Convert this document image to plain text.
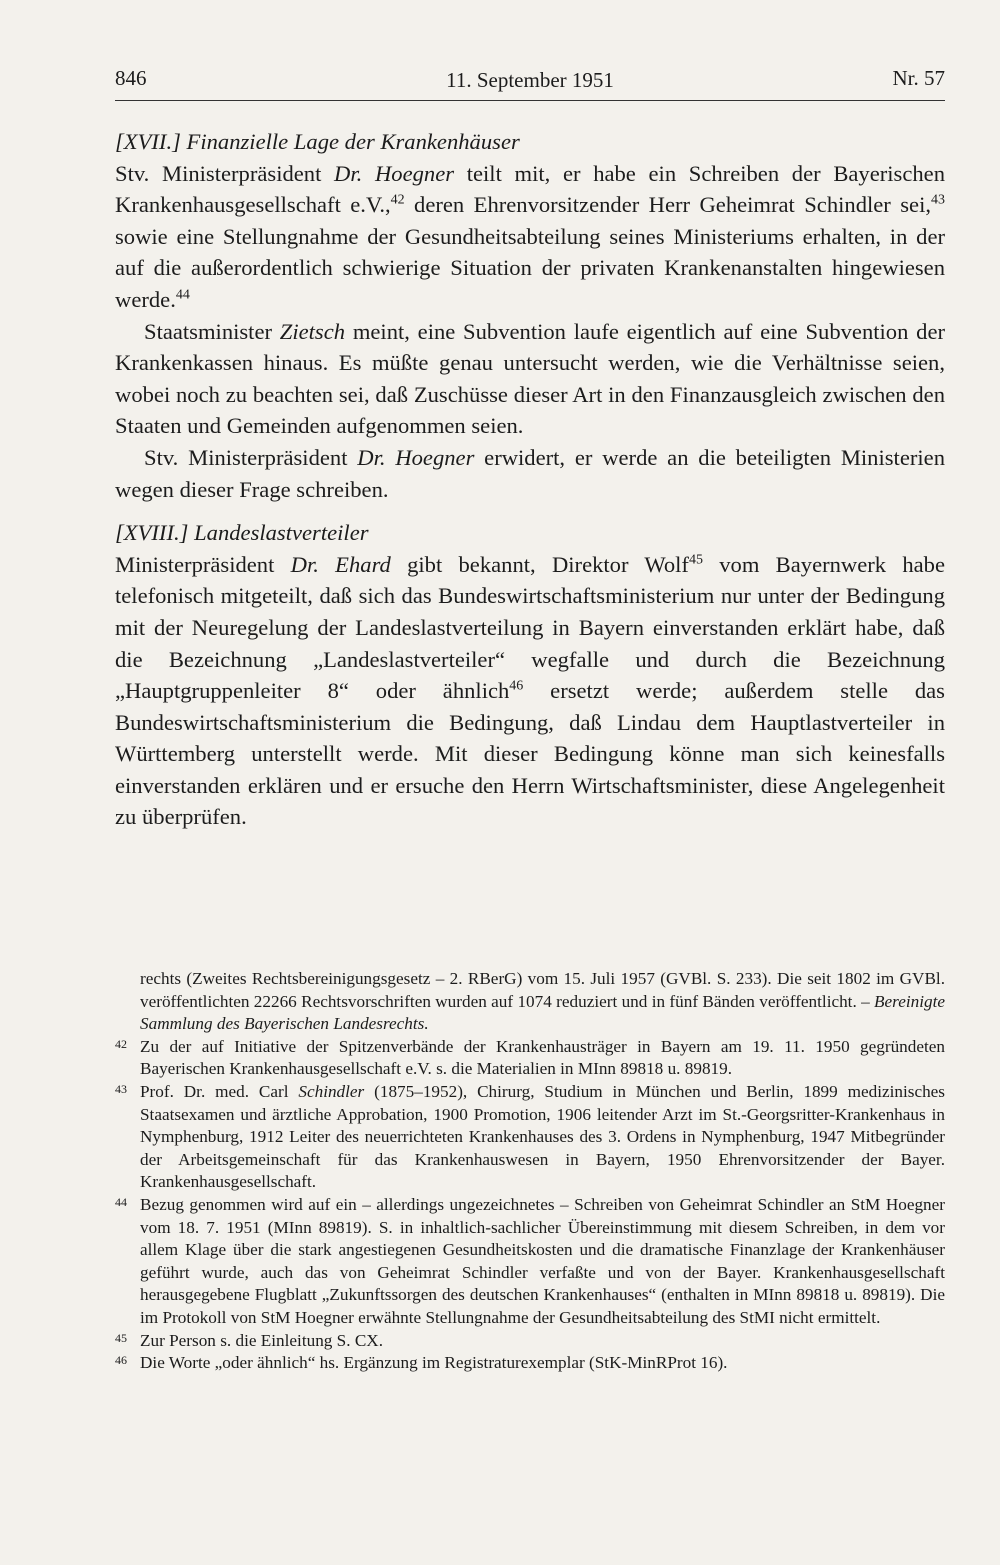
846	11. September 1951	Nr. 57

[XVII.] Finanzielle Lage der Krankenhäuser

Stv. Ministerpräsident Dr. Hoegner teilt mit, er habe ein Schreiben der Bayerischen Krankenhausgesellschaft e.V.,$^{42}$ deren Ehrenvorsitzender Herr Geheimrat Schindler sei,$^{43}$ sowie eine Stellungnahme der Gesundheitsabteilung seines Ministeriums erhalten, in der auf die außerordentlich schwierige Situation der privaten Krankenanstalten hingewiesen werde.$^{44}$

Staatsminister Zietsch meint, eine Subvention laufe eigentlich auf eine Subvention der Krankenkassen hinaus. Es müßte genau untersucht werden, wie die Verhältnisse seien, wobei noch zu beachten sei, daß Zuschüsse dieser Art in den Finanzausgleich zwischen den Staaten und Gemeinden aufgenommen seien.

Stv. Ministerpräsident Dr. Hoegner erwidert, er werde an die beteiligten Ministerien wegen dieser Frage schreiben.

[XVIII.] Landeslastverteiler

Ministerpräsident Dr. Ehard gibt bekannt, Direktor Wolf$^{45}$ vom Bayernwerk habe telefonisch mitgeteilt, daß sich das Bundeswirtschaftsministerium nur unter der Bedingung mit der Neuregelung der Landeslastverteilung in Bayern einverstanden erklärt habe, daß die Bezeichnung „Landeslastverteiler“ wegfalle und durch die Bezeichnung „Hauptgruppenleiter 8“ oder ähnlich$^{46}$ ersetzt werde; außerdem stelle das Bundeswirtschaftsministerium die Bedingung, daß Lindau dem Hauptlastverteiler in Württemberg unterstellt werde. Mit dieser Bedingung könne man sich keinesfalls einverstanden erklären und er ersuche den Herrn Wirtschaftsminister, diese Angelegenheit zu überprüfen.

rechts (Zweites Rechtsbereinigungsgesetz – 2. RBerG) vom 15. Juli 1957 (GVBl. S. 233). Die seit 1802 im GVBl. veröffentlichten 22266 Rechtsvorschriften wurden auf 1074 reduziert und in fünf Bänden veröffentlicht. – Bereinigte Sammlung des Bayerischen Landesrechts.

42 Zu der auf Initiative der Spitzenverbände der Krankenhausträger in Bayern am 19. 11. 1950 gegründeten Bayerischen Krankenhausgesellschaft e.V. s. die Materialien in MInn 89818 u. 89819.

43 Prof. Dr. med. Carl Schindler (1875–1952), Chirurg, Studium in München und Berlin, 1899 medizinisches Staatsexamen und ärztliche Approbation, 1900 Promotion, 1906 leitender Arzt im St.-Georgsritter-Krankenhaus in Nymphenburg, 1912 Leiter des neuerrichteten Krankenhauses des 3. Ordens in Nymphenburg, 1947 Mitbegründer der Arbeitsgemeinschaft für das Krankenhauswesen in Bayern, 1950 Ehrenvorsitzender der Bayer. Krankenhausgesellschaft.

44 Bezug genommen wird auf ein – allerdings ungezeichnetes – Schreiben von Geheimrat Schindler an StM Hoegner vom 18. 7. 1951 (MInn 89819). S. in inhaltlich-sachlicher Übereinstimmung mit diesem Schreiben, in dem vor allem Klage über die stark angestiegenen Gesundheitskosten und die dramatische Finanzlage der Krankenhäuser geführt wurde, auch das von Geheimrat Schindler verfaßte und von der Bayer. Krankenhausgesellschaft herausgegebene Flugblatt „Zukunftssorgen des deutschen Krankenhauses“ (enthalten in MInn 89818 u. 89819). Die im Protokoll von StM Hoegner erwähnte Stellungnahme der Gesundheitsabteilung des StMI nicht ermittelt.

45 Zur Person s. die Einleitung S. CX.

46 Die Worte „oder ähnlich“ hs. Ergänzung im Registraturexemplar (StK-MinRProt 16).
